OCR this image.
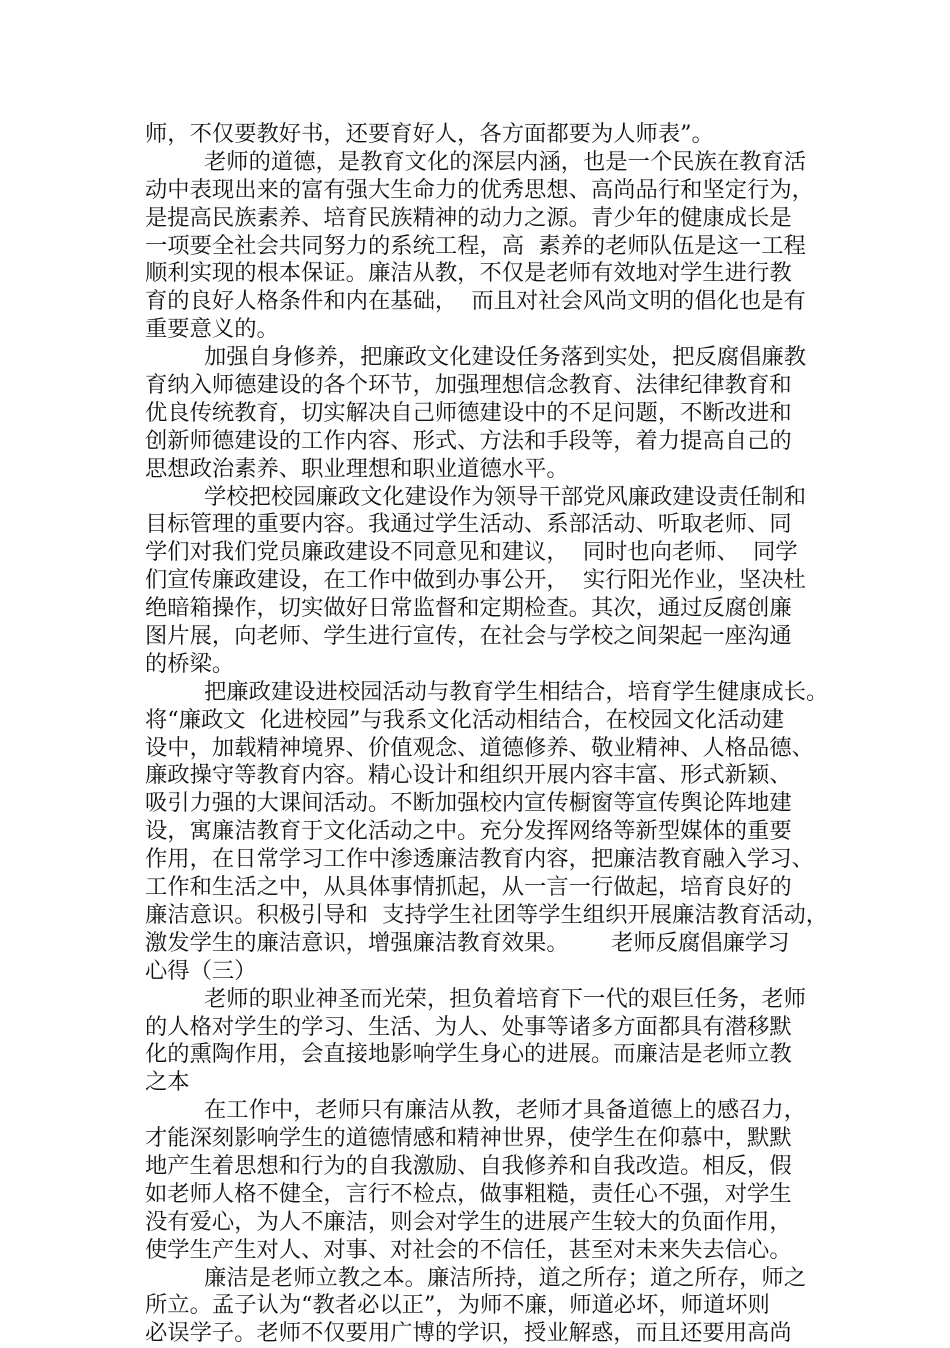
师，不仅要教好书，还要育好人，各方面都要为人师表”。
老师的道德，是教育文化的深层内涵，也是一个民族在教育活
动中表现出来的富有强大生命力的优秀思想、高尚品行和坚定行为，
是提高民族素养、培育民族精神的动力之源。青少年的健康成长是
一项要全社会共同努力的系统工程，高  素养的老师队伍是这一工程
顺利实现的根本保证。廉洁从教，不仅是老师有效地对学生进行教
育的良好人格条件和内在基础，  而且对社会风尚文明的倡化也是有
重要意义的。
加强自身修养，把廉政文化建设任务落到实处，把反腐倡廉教
育纳入师德建设的各个环节，加强理想信念教育、法律纪律教育和
优良传统教育，切实解决自己师德建设中的不足问题，不断改进和
创新师德建设的工作内容、形式、方法和手段等，着力提高自己的
思想政治素养、职业理想和职业道德水平。
学校把校园廉政文化建设作为领导干部党风廉政建设责任制和
目标管理的重要内容。我通过学生活动、系部活动、听取老师、同
学们对我们党员廉政建设不同意见和建议，  同时也向老师、  同学
们宣传廉政建设，在工作中做到办事公开，  实行阳光作业，坚决杜
绝暗箱操作，切实做好日常监督和定期检查。其次，通过反腐创廉
图片展，向老师、学生进行宣传，在社会与学校之间架起一座沟通
的桥梁。
把廉政建设进校园活动与教育学生相结合，培育学生健康成长。
将“廉政文  化进校园”与我系文化活动相结合，在校园文化活动建
设中，加载精神境界、价值观念、道德修养、敬业精神、人格品德、
廉政操守等教育内容。精心设计和组织开展内容丰富、形式新颖、
吸引力强的大课间活动。不断加强校内宣传橱窗等宣传舆论阵地建
设，寓廉洁教育于文化活动之中。充分发挥网络等新型媒体的重要
作用，在日常学习工作中渗透廉洁教育内容，把廉洁教育融入学习、
工作和生活之中，从具体事情抓起，从一言一行做起，培育良好的
廉洁意识。积极引导和  支持学生社团等学生组织开展廉洁教育活动，
激发学生的廉洁意识，增强廉洁教育效果。      老师反腐倡廉学习
心得（三）
老师的职业神圣而光荣，担负着培育下一代的艰巨任务，老师
的人格对学生的学习、生活、为人、处事等诸多方面都具有潜移默
化的熏陶作用，会直接地影响学生身心的进展。而廉洁是老师立教
之本
在工作中，老师只有廉洁从教，老师才具备道德上的感召力，
才能深刻影响学生的道德情感和精神世界，使学生在仰慕中，默默
地产生着思想和行为的自我激励、自我修养和自我改造。相反，假
如老师人格不健全，言行不检点，做事粗糙，责任心不强，对学生
没有爱心，为人不廉洁，则会对学生的进展产生较大的负面作用，
使学生产生对人、对事、对社会的不信任，甚至对未来失去信心。
廉洁是老师立教之本。廉洁所持，道之所存；道之所存，师之
所立。孟子认为“教者必以正”，为师不廉，师道必坏，师道坏则
必误学子。老师不仅要用广博的学识，授业解惑，而且还要用高尚
